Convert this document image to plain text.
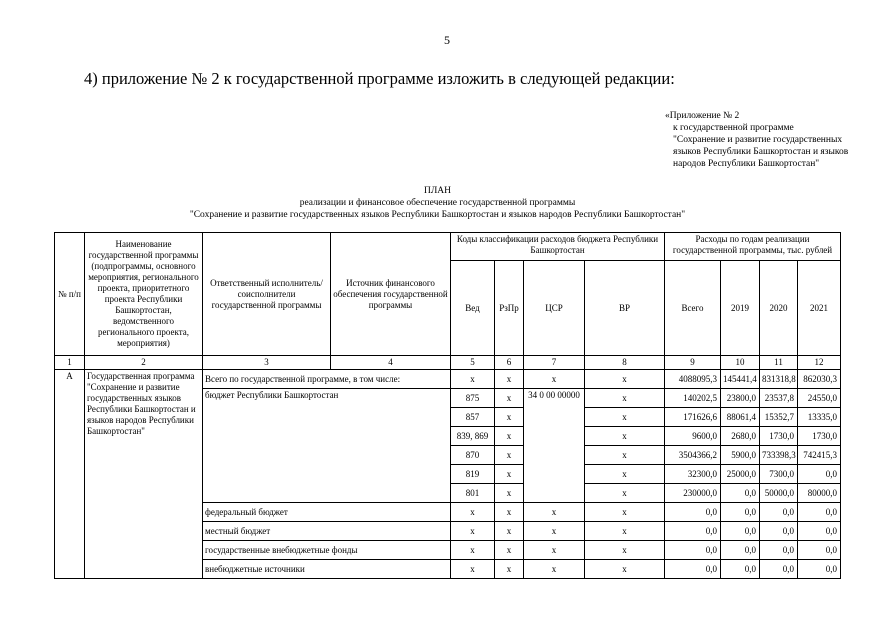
5
4) приложение № 2 к государственной программе изложить в следующей редакции:
«Приложение № 2
к государственной программе
"Сохранение и развитие государственных
языков Республики Башкортостан и языков
народов Республики Башкортостан"
ПЛАН
реализации и финансовое обеспечение государственной программы
"Сохранение и развитие государственных языков Республики Башкортостан и языков народов Республики Башкортостан"
№ п/п	Наименование государственной программы (подпрограммы, основного мероприятия, регионального проекта, приоритетного проекта Республики Башкортостан, ведомственного регионального проекта, мероприятия)	Ответственный исполнитель/соисполнители государственной программы	Источник финансового обеспечения государственной программы	Коды классификации расходов бюджета Республики Башкортостан				Расходы по годам реализации государственной программы, тыс. рублей			
				Вед	РзПр	ЦСР	ВР	Всего	2019	2020	2021
1	2	3	4	5	6	7	8	9	10	11	12
А	Государственная программа "Сохранение и развитие государственных языков Республики Башкортостан и языков народов Республики Башкортостан"	Всего по государственной программе, в том числе:		х	х	х	х	4088095,3	145441,4	831318,8	862030,3
		бюджет Республики Башкортостан		875	х	34 0 00 00000	х	140202,5	23800,0	23537,8	24550,0
				857	х		х	171626,6	88061,4	15352,7	13335,0
				839, 869	х		х	9600,0	2680,0	1730,0	1730,0
				870	х		х	3504366,2	5900,0	733398,3	742415,3
				819	х		х	32300,0	25000,0	7300,0	0,0
				801	х		х	230000,0	0,0	50000,0	80000,0
		федеральный бюджет		х	х	х	х	0,0	0,0	0,0	0,0
		местный бюджет		х	х	х	х	0,0	0,0	0,0	0,0
		государственные внебюджетные фонды		х	х	х	х	0,0	0,0	0,0	0,0
		внебюджетные источники		х	х	х	х	0,0	0,0	0,0	0,0
